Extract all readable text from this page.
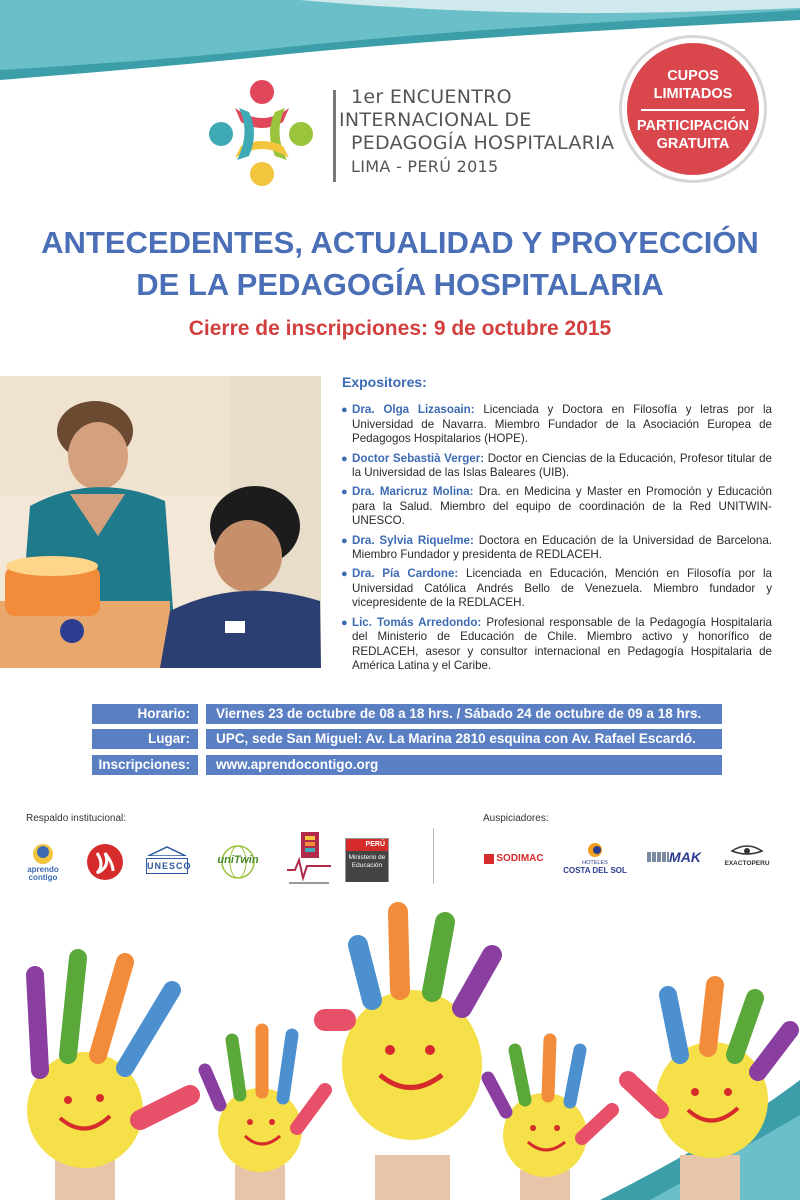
1er ENCUENTRO
INTERNACIONAL DE
PEDAGOGÍA HOSPITALARIA
LIMA - PERÚ 2015
CUPOS
LIMITADOS
PARTICIPACIÓN
GRATUITA
ANTECEDENTES, ACTUALIDAD Y PROYECCIÓN
DE LA PEDAGOGÍA HOSPITALARIA
Cierre de inscripciones: 9 de octubre 2015
Expositores:
● Dra. Olga Lizasoain: Licenciada y Doctora en Filosofía y letras por la Universidad de Navarra. Miembro Fundador de la Asociación Europea de Pedagogos Hospitalarios (HOPE).
● Doctor Sebastià Verger: Doctor en Ciencias de la Educación, Profesor titular de la Universidad de las Islas Baleares (UIB).
● Dra. Maricruz Molina: Dra. en Medicina y Master en Promoción y Educación para la Salud. Miembro del equipo de coordinación de la Red UNITWIN-UNESCO.
● Dra. Sylvia Riquelme: Doctora en Educación de la Universidad de Barcelona. Miembro Fundador y presidenta de REDLACEH.
● Dra. Pía Cardone: Licenciada en Educación, Mención en Filosofía por la Universidad Católica Andrés Bello de Venezuela. Miembro fundador y vicepresidente de la REDLACEH.
● Lic. Tomás Arredondo: Profesional responsable de la Pedagogía Hospitalaria del Ministerio de Educación de Chile. Miembro activo y honorífico de REDLACEH, asesor y consultor internacional en Pedagogía Hospitalaria de América Latina y el Caribe.
Horario:	Viernes 23 de octubre de 08 a 18 hrs. / Sábado 24 de octubre de 09 a 18 hrs.
Lugar:	UPC, sede San Miguel: Av. La Marina 2810 esquina con Av. Rafael Escardó.
Inscripciones:	www.aprendocontigo.org
Respaldo institucional:	Auspiciadores:
aprendo
contigo
UNESCO	uniTwin
PERÚ
Ministerio de
Educación
SODIMAC	HOTELES
COSTA DEL SOL
MAK	EXACTOPERU
